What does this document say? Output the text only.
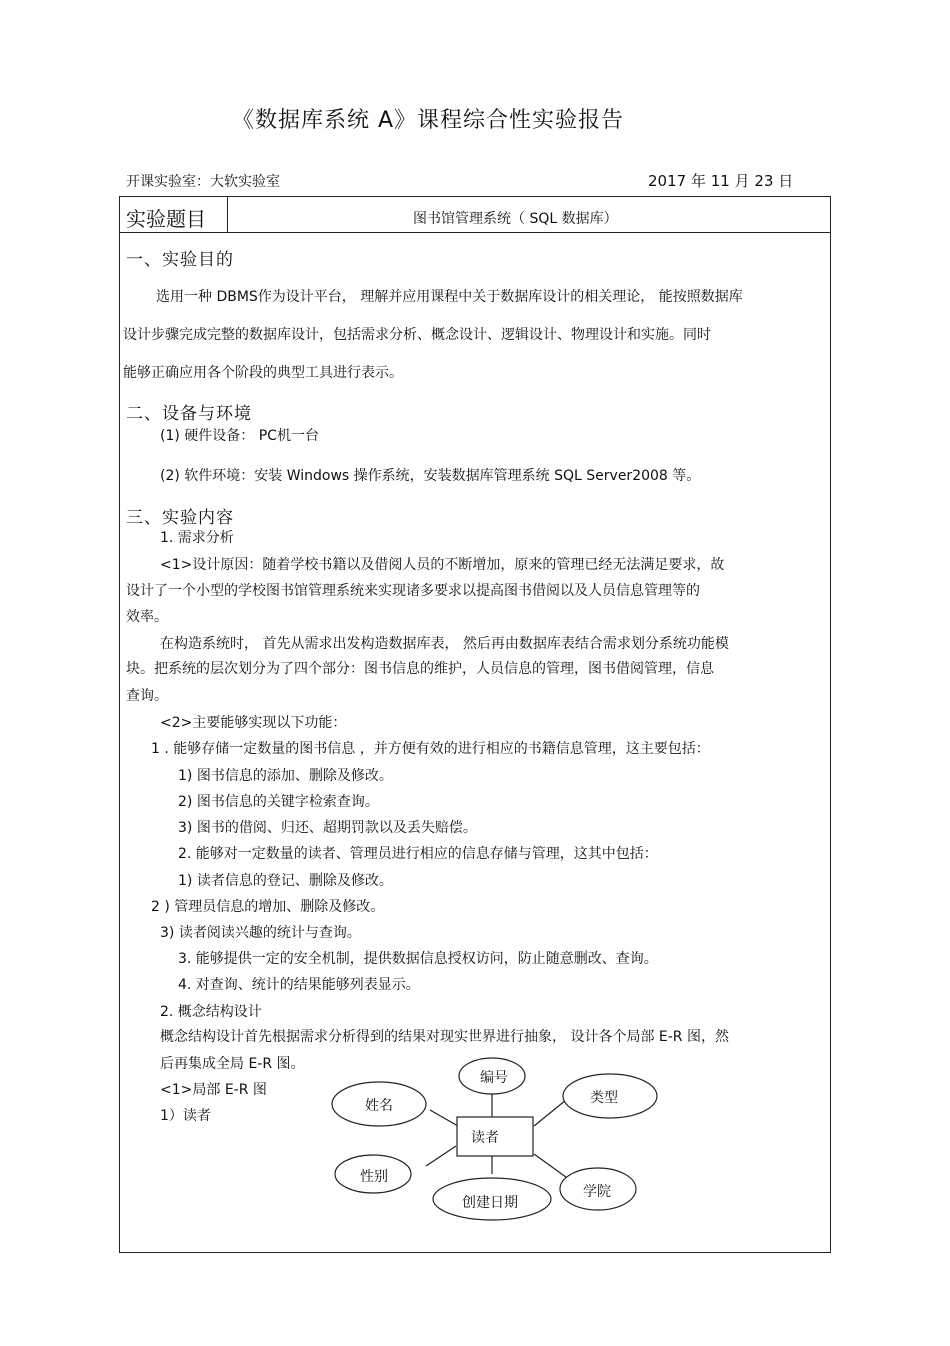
《数据库系统 A》课程综合性实验报告
开课实验室：大软实验室	2017 年 11 月 23 日
实验题目	图书馆管理系统（ SQL 数据库）
一、实验目的
选用一种 DBMS作为设计平台， 理解并应用课程中关于数据库设计的相关理论， 能按照数据库
设计步骤完成完整的数据库设计，包括需求分析、概念设计、逻辑设计、物理设计和实施。同时
能够正确应用各个阶段的典型工具进行表示。
二、设备与环境
(1) 硬件设备： PC机一台
(2) 软件环境：安装 Windows 操作系统，安装数据库管理系统 SQL Server2008 等。
三、实验内容
1. 需求分析
<1>设计原因：随着学校书籍以及借阅人员的不断增加，原来的管理已经无法满足要求，故
设计了一个小型的学校图书馆管理系统来实现诸多要求以提高图书借阅以及人员信息管理等的
效率。
在构造系统时， 首先从需求出发构造数据库表， 然后再由数据库表结合需求划分系统功能模
块。把系统的层次划分为了四个部分：图书信息的维护，人员信息的管理，图书借阅管理，信息
查询。
<2>主要能够实现以下功能：
1 . 能够存储一定数量的图书信息 ，并方便有效的进行相应的书籍信息管理，这主要包括：
1) 图书信息的添加、删除及修改。
2) 图书信息的关键字检索查询。
3) 图书的借阅、归还、超期罚款以及丢失赔偿。
2. 能够对一定数量的读者、管理员进行相应的信息存储与管理，这其中包括：
1) 读者信息的登记、删除及修改。
2 ) 管理员信息的增加、删除及修改。
3) 读者阅读兴趣的统计与查询。
3. 能够提供一定的安全机制，提供数据信息授权访问，防止随意删改、查询。
4. 对查询、统计的结果能够列表显示。
2. 概念结构设计
概念结构设计首先根据需求分析得到的结果对现实世界进行抽象， 设计各个局部 E-R 图，然
后再集成全局 E-R 图。
<1>局部 E-R 图
1）读者
读者
编号
姓名	类型
性别
创建日期
学院
